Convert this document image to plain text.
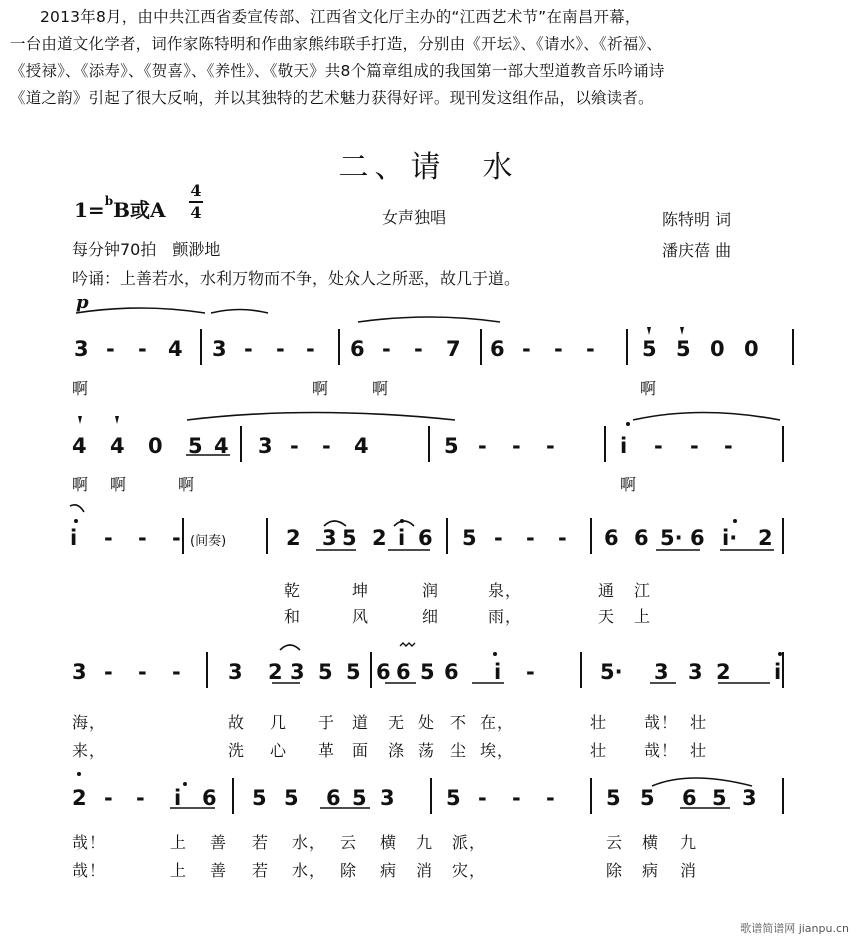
2013年8月，由中共江西省委宣传部、江西省文化厅主办的“江西艺术节”在南昌开幕，

一台由道文化学者，词作家陈特明和作曲家熊纬联手打造，分别由《开坛》、《请水》、《祈福》、

《授禄》、《添寿》、《贺喜》、《养性》、《敬天》共8个篇章组成的我国第一部大型道教音乐吟诵诗

《道之韵》引起了很大反响，并以其独特的艺术魅力获得好评。现刊发这组作品，以飨读者。

二、请　水
1=$^b$B或A
4
4	女声独唱	陈特明 词
每分钟70拍　颤渺地	潘庆蓓 曲
吟诵：上善若水，水利万物而不争，处众人之所恶，故几于道。
p
3 - - 4 3 - - - 6 - - 7 6 - - - 5 5 0 0
啊	啊
啊	啊
4 4 0 5 4 3 - - 4	5 - - -	i - - -
啊 啊	啊	啊
i - - - (间奏)	2 3 5 2 i 6 5 - - - 6 6 5· 6 i· 2
乾	坤	润	泉，	通 江
和	风	细	雨，	天 上
3 - - - 3 2 3 5 5 6 6 5 6 i -	5· 3 3 2 i
海，	故 几 于 道 无 处 不 在，	壮 哉！ 壮
来，	洗 心 革 面 涤 荡 尘 埃，	壮 哉！ 壮
2 - - i 6 5 5 6 5 3 5 - - - 5 5 6 5 3
哉！	上 善 若 水， 云 横 九 派，	云 横 九
哉！	上 善 若 水， 除 病 消 灾，	除 病 消
歌谱简谱网 jianpu.cn
